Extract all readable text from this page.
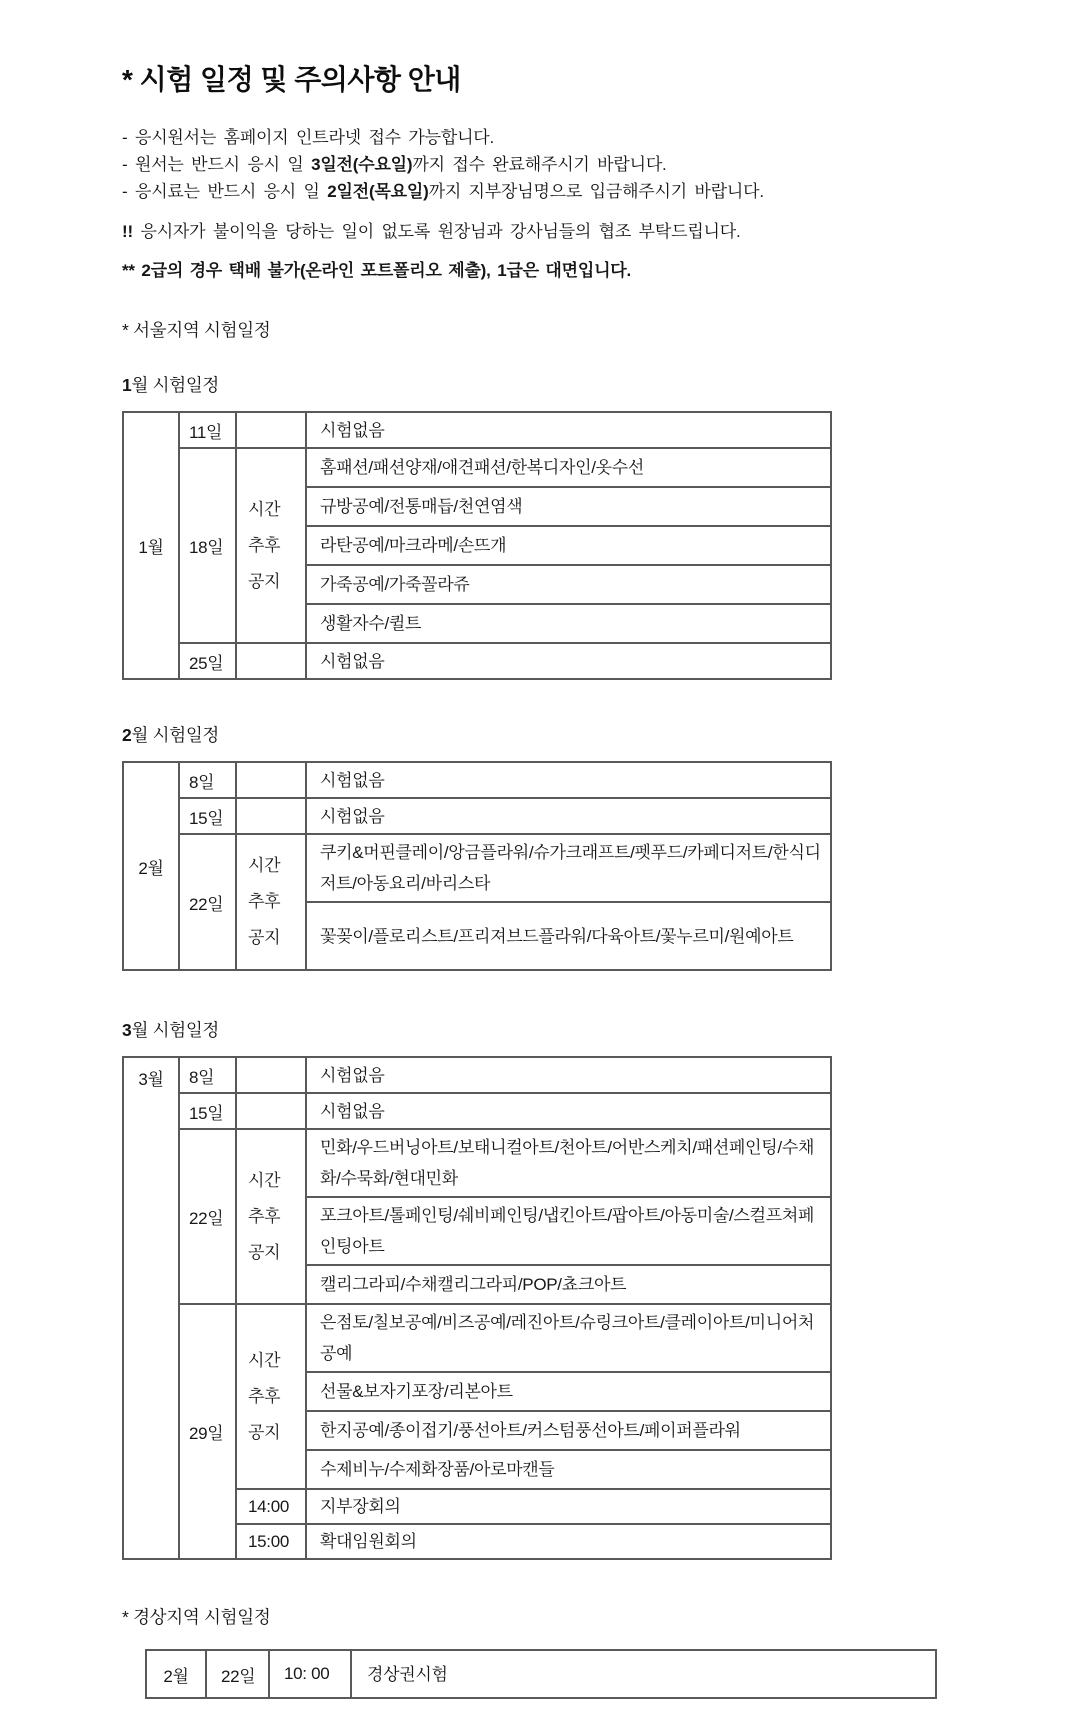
* 시험 일정 및 주의사항 안내
- 응시원서는 홈페이지 인트라넷 접수 가능합니다.
- 원서는 반드시 응시 일 3일전(수요일)까지 접수 완료해주시기 바랍니다.
- 응시료는 반드시 응시 일 2일전(목요일)까지 지부장님명으로 입금해주시기 바랍니다.
!! 응시자가 불이익을 당하는 일이 없도록 원장님과 강사님들의 협조 부탁드립니다.
** 2급의 경우 택배 불가(온라인 포트폴리오 제출), 1급은 대면입니다.
* 서울지역 시험일정
1월 시험일정
1월	11일		시험없음
	18일	시간 추후 공지	홈패션/패션양재/애견패션/한복디자인/옷수선
			규방공예/전통매듭/천연염색
			라탄공예/마크라메/손뜨개
			가죽공예/가죽꼴라쥬
			생활자수/퀼트
	25일		시험없음
2월 시험일정
2월	8일		시험없음
	15일		시험없음
	22일	시간 추후 공지	쿠키&머핀클레이/앙금플라워/슈가크래프트/펫푸드/카페디저트/한식디저트/아동요리/바리스타
			꽃꽂이/플로리스트/프리져브드플라워/다육아트/꽃누르미/원예아트
3월 시험일정
3월	8일		시험없음
	15일		시험없음
	22일	시간 추후 공지	민화/우드버닝아트/보태니컬아트/천아트/어반스케치/패션페인팅/수채화/수묵화/현대민화
			포크아트/톨페인팅/쉐비페인팅/냅킨아트/팝아트/아동미술/스컬프쳐페인팅아트
			캘리그라피/수채캘리그라피/POP/쵸크아트
	29일	시간 추후 공지	은점토/칠보공예/비즈공예/레진아트/슈링크아트/클레이아트/미니어처공예
			선물&보자기포장/리본아트
			한지공예/종이접기/풍선아트/커스텀풍선아트/페이퍼플라워
			수제비누/수제화장품/아로마캔들
		14:00	지부장회의
		15:00	확대임원회의
* 경상지역 시험일정
2월	22일	10: 00	경상권시험
